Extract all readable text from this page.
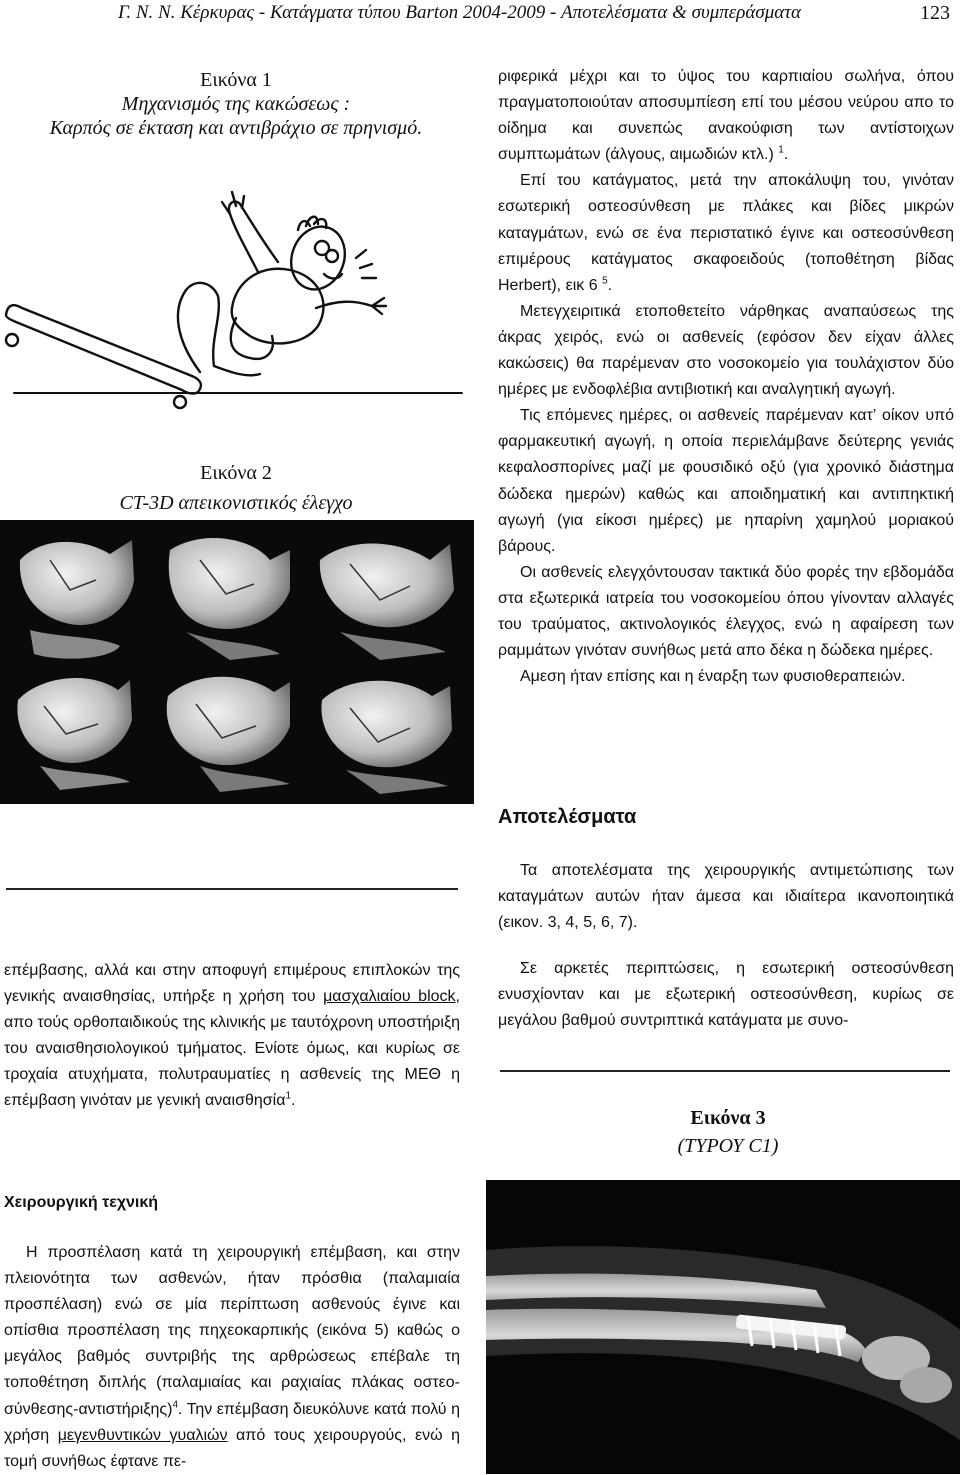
Γ. Ν. Ν. Κέρκυρας - Κατάγματα τύπου Barton 2004-2009 - Αποτελέσματα & συμπεράσματα	123
Εικόνα 1
Μηχανισμός της κακώσεως :
Καρπός σε έκταση και αντιβράχιο σε πρηνισμό.
Εικόνα 2
CT-3D απεικονιστικός έλεγχο

ριφερικά μέχρι και το ύψος του καρπιαίου σωλήνα, όπου πραγματοποιούταν αποσυμπίεση επί του μέσου νεύρου απο το οίδημα και συνεπώς ανακούφιση των αντίστοιχων συμπτωμάτων (άλγους, αιμωδιών κτλ.) $^1$.

Επί του κατάγματος, μετά την αποκάλυψη του, γινόταν εσωτερική οστεοσύνθεση με πλάκες και βίδες μικρών καταγμάτων, ενώ σε ένα περιστατικό έγινε και οστεοσύνθεση επιμέρους κατάγματος σκαφοειδούς (τοποθέτηση βίδας Herbert), εικ 6 $^5$.

Μετεγχειριτικά ετοποθετείτο νάρθηκας αναπαύσεως της άκρας χειρός, ενώ οι ασθενείς (εφόσον δεν είχαν άλλες κακώσεις) θα παρέμεναν στο νοσοκομείο για τουλάχιστον δύο ημέρες με ενδοφλέβια αντιβιοτική και αναλγητική αγωγή.

Τις επόμενες ημέρες, οι ασθενείς παρέμεναν κατ’ οίκον υπό φαρμακευτική αγωγή, η οποία περιελάμβανε δεύτερης γενιάς κεφαλοσπορίνες μαζί με φουσιδικό οξύ (για χρονικό διάστημα δώδεκα ημερών) καθώς και αποιδηματική και αντιπηκτική αγωγή (για είκοσι ημέρες) με ηπαρίνη χαμηλού μοριακού βάρους.

Οι ασθενείς ελεγχόντουσαν τακτικά δύο φορές την εβδομάδα στα εξωτερικά ιατρεία του νοσοκομείου όπου γίνονταν αλλαγές του τραύματος, ακτινολογικός έλεγχος, ενώ η αφαίρεση των ραμμάτων γινόταν συνήθως μετά απο δέκα η δώδεκα ημέρες.

Αμεση ήταν επίσης και η έναρξη των φυσιοθεραπειών.

Αποτελέσματα

Τα αποτελέσματα της χειρουργικής αντιμετώπισης των καταγμάτων αυτών ήταν άμεσα και ιδιαίτερα ικανοποιητικά (εικον. 3, 4, 5, 6, 7).

Σε αρκετές περιπτώσεις, η εσωτερική οστεοσύνθεση ενυσχίονταν και με εξωτερική οστεοσύνθεση, κυρίως σε μεγάλου βαθμού συντριπτικά κατάγματα με συνο-

επέμβασης, αλλά και στην αποφυγή επιμέρους επιπλοκών της γενικής αναισθησίας, υπήρξε η χρήση του μασχαλιαίου block, απο τούς ορθοπαιδικούς της κλινικής με ταυτόχρονη υποστήριξη του αναισθησιολογικού τμήματος. Ενίοτε όμως, και κυρίως σε τροχαία ατυχήματα, πολυτραυματίες η ασθενείς της ΜΕΘ η επέμβαση γινόταν με γενική αναισθησία$^1$.

Εικόνα 3
(ΤΥΡΟΥ C1)
Χειρουργική τεχνική

Η προσπέλαση κατά τη χειρουργική επέμβαση, και στην πλειονότητα των ασθενών, ήταν πρόσθια (παλαμιαία προσπέλαση) ενώ σε μία περίπτωση ασθενούς έγινε και οπίσθια προσπέλαση της πηχεοκαρπικής (εικόνα 5) καθώς ο μεγάλος βαθμός συντριβής της αρθρώσεως επέβαλε τη τοποθέτηση διπλής (παλαμιαίας και ραχιαίας πλάκας οστεο-σύνθεσης-αντιστήριξης)$^4$. Την επέμβαση διευκόλυνε κατά πολύ η χρήση μεγενθυντικών γυαλιών από τους χειρουργούς, ενώ η τομή συνήθως έφτανε πε-
